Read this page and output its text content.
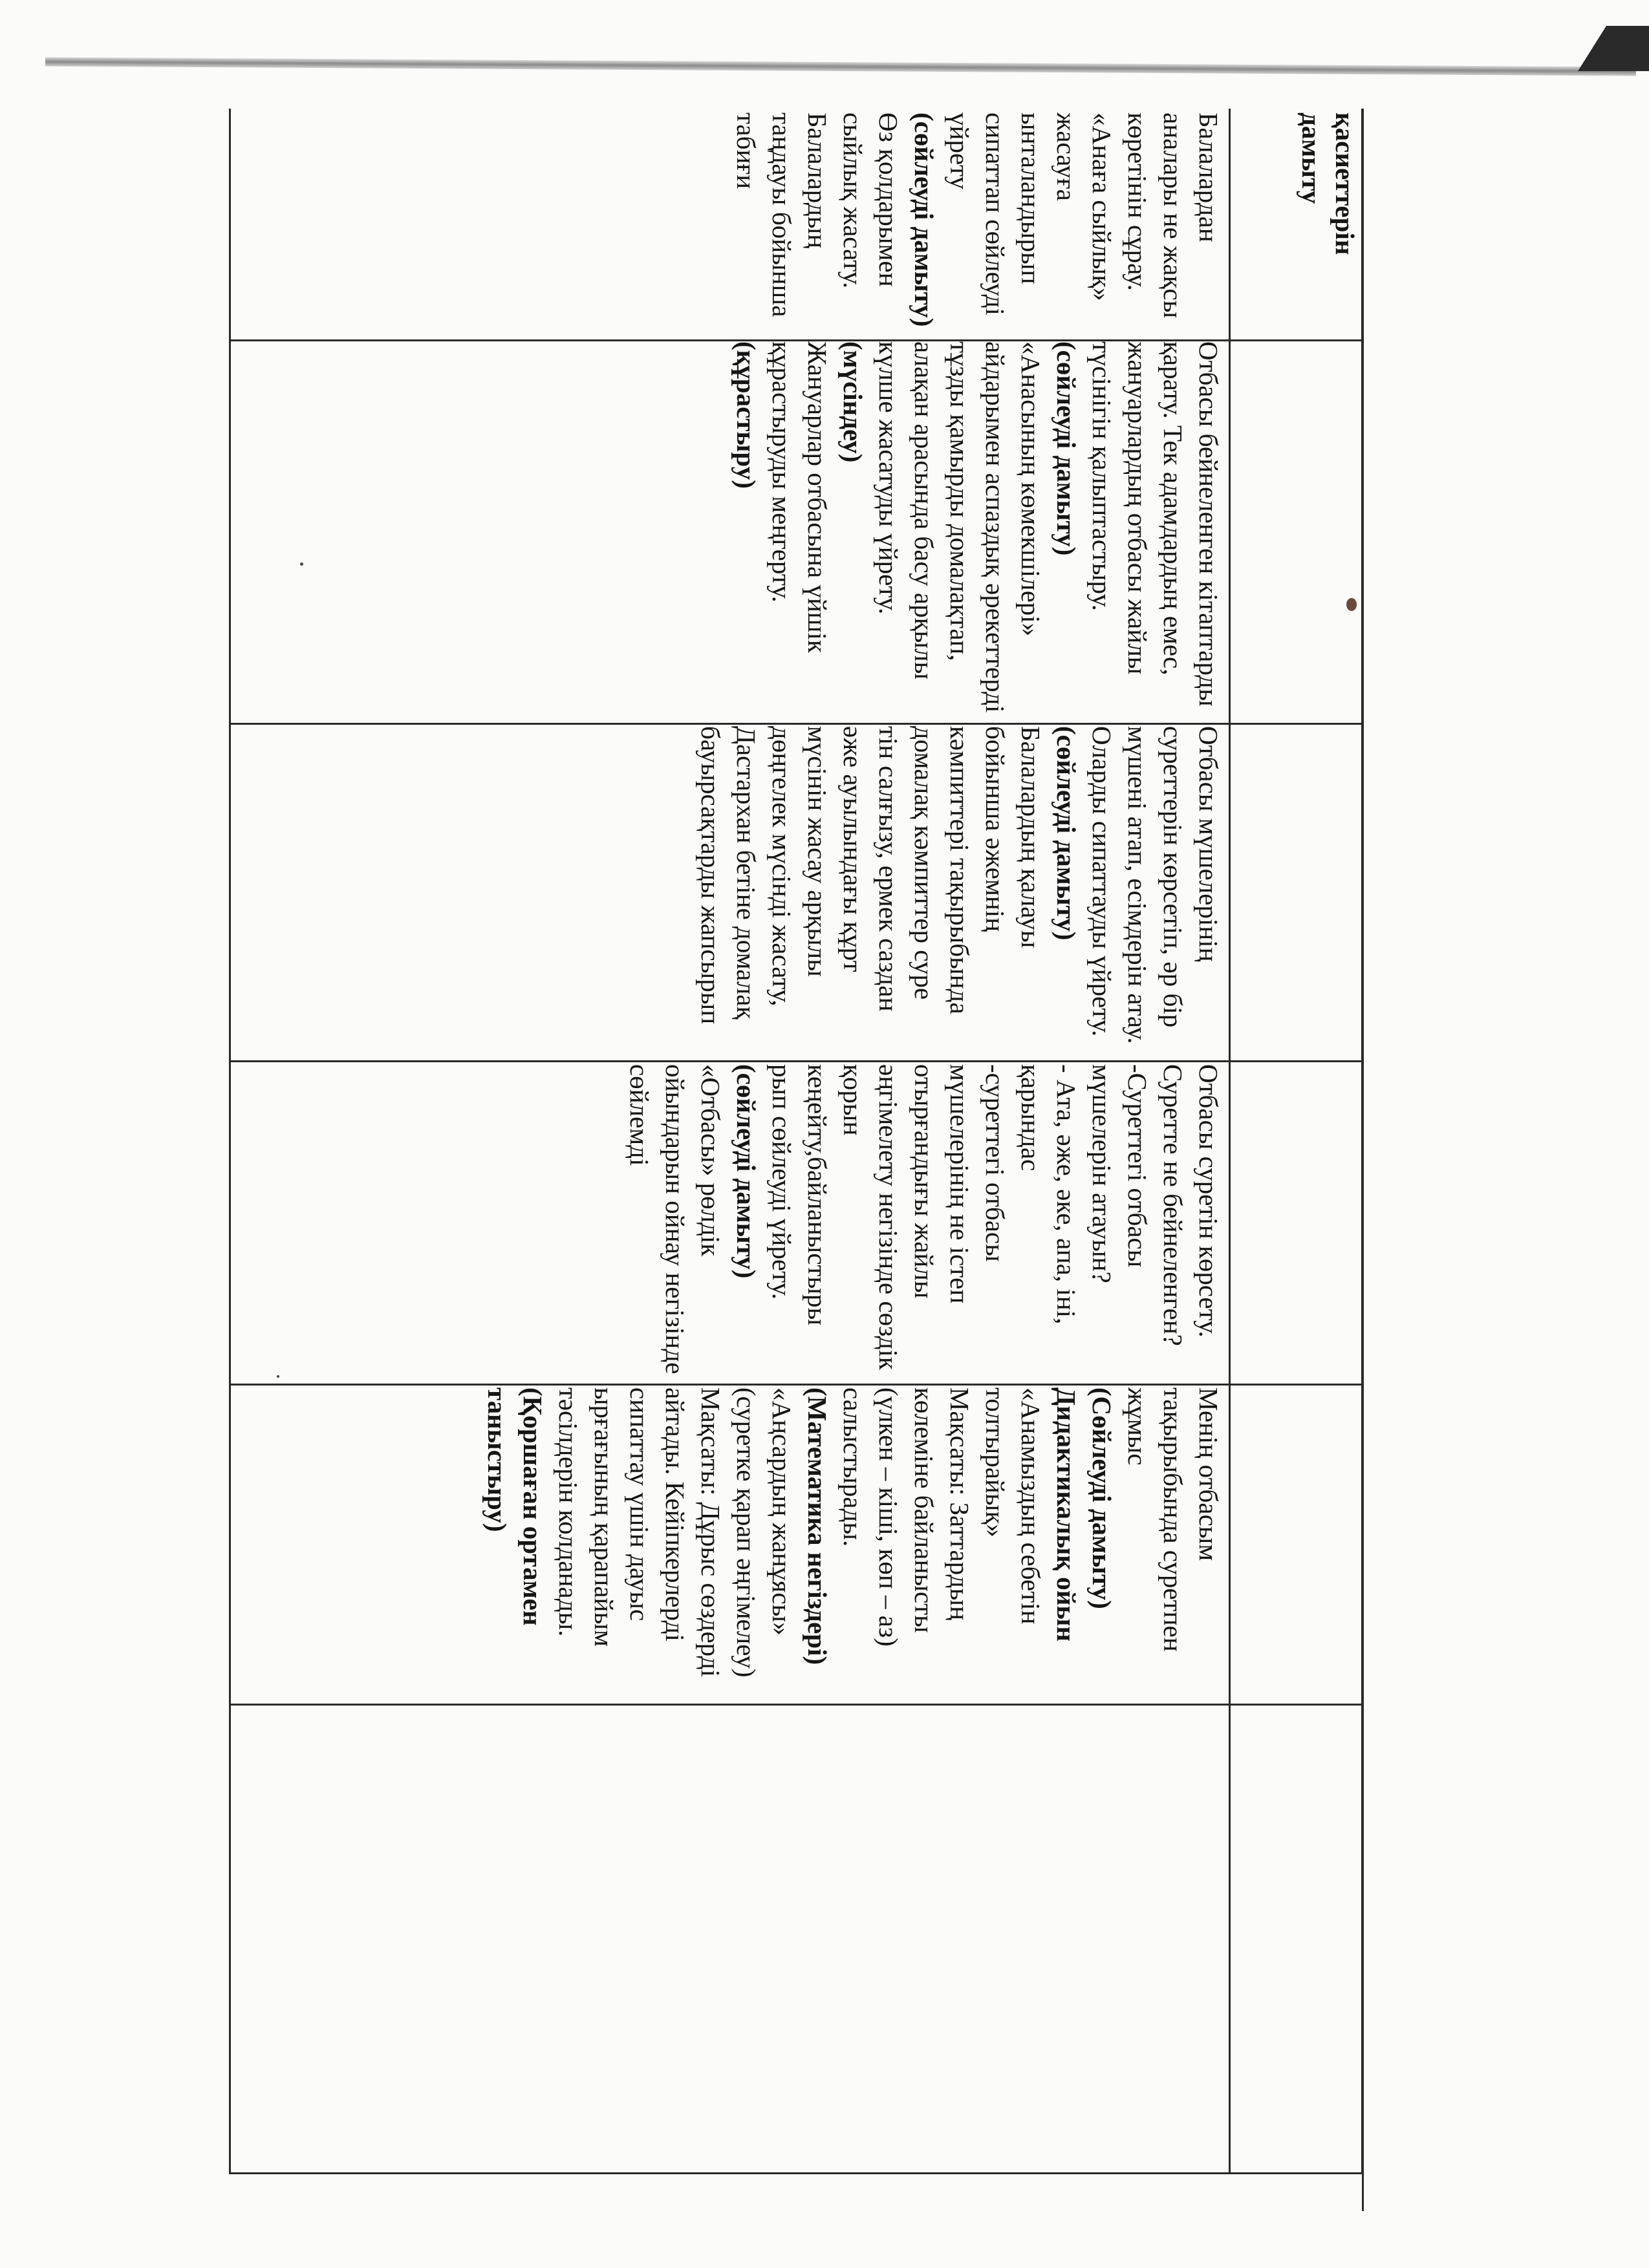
қасиеттерін дамыту

Балалардан аналары не жақсы көретінін сұрау. «Анаға сыйлық» жасауға ынталандырып сипаттап сөйлеуді үйрету

(сөйлеуді дамыту)

Өз қолдарымен сыйлық жасату. Балалардың таңдауы бойынша табиғи

Отбасы бейнеленген кітаптарды қарату. Тек адамдардың емес, жануарлардың отбасы жайлы түсінігін қалыптастыру.

(сөйлеуді дамыту)

«Анасының көмекшілері» айдарымен аспаздық әрекеттерді тұзды қамырды домалақтап, алақан арасында басу арқылы күлше жасатуды үйрету.

(мүсіндеу)

Жануарлар отбасына үйшік құрастыруды меңгерту.

(құрастыру)

Отбасы мүшелерінің суреттерін көрсетіп, әр бір мүшені атап, есімдерін атау.

Оларды сипаттауды үйрету.

(сөйлеуді дамыту)

Балалардың қалауы бойынша әжемнің кәмпиттері тақырыбында домалақ кәмпиттер суре

тін салғызу, ермек саздан әже ауылындағы құрт мүсінін жасау арқылы дөңгелек мүсінді жасату, Дастархан бетіне домалақ бауырсақтарды жапсырып

Отбасы суретін көрсету.

Суретте не бейнеленген?

-Суреттегі отбасы мүшелерін атауын?

- Ата, әже, әке, апа, іні, қарындас

-суреттегі отбасы мүшелерінің не істеп отырғандығы жайлы әңгімелету негізінде сөздік қорын кеңейту,байланыстыры

рып сөйлеуді үйрету.

(сөйлеуді дамыту)

«Отбасы» рөлдік ойындарын ойнау негізінде сөйлемді

Менің отбасым тақырыбында суретпен жұмыс

(Сөйлеуді дамыту)

Дидактикалық ойын

«Анамыздың себетін толтырайық»

Мақсаты: Заттардың көлеміне байланысты (үлкен – кіші, көп – аз) салыстырады.

(Математика негіздері)

«Аңсардың жанұясы» (суретке қарап әңгімелеу) Мақсаты: Дұрыс сөздерді айтады. Кейіпкерлерді сипаттау үшін дауыс ырғағының қарапайым тәсілдерін колданады.

(Қоршаған ортамен таныстыру)
